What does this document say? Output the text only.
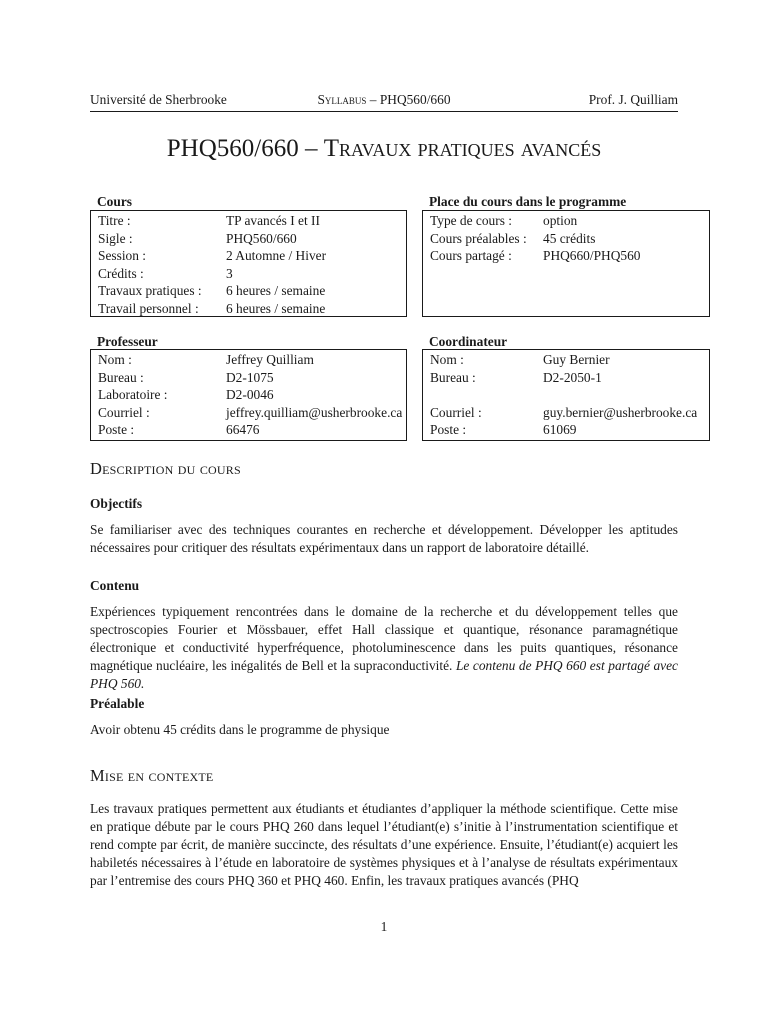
Université de Sherbrooke	Syllabus – PHQ560/660	Prof. J. Quilliam
PHQ560/660 – Travaux pratiques avancés
Cours
Titre :	TP avancés I et II
Sigle :	PHQ560/660
Session :	2 Automne / Hiver
Crédits :	3
Travaux pratiques : 6 heures / semaine
Travail personnel : 6 heures / semaine
Place du cours dans le programme
Type de cours : option
Cours préalables : 45 crédits
Cours partagé : PHQ660/PHQ560
Professeur
Nom :	Jeffrey Quilliam
Bureau :	D2-1075
Laboratoire :	D2-0046
Courriel :	jeffrey.quilliam@usherbrooke.ca
Poste :	66476
Coordinateur
Nom :	Guy Bernier
Bureau :	D2-2050-1
Courriel :	guy.bernier@usherbrooke.ca
Poste :	61069
Description du cours
Objectifs

Se familiariser avec des techniques courantes en recherche et développement. Développer les aptitudes nécessaires pour critiquer des résultats expérimentaux dans un rapport de laboratoire détaillé.

Contenu

Expériences typiquement rencontrées dans le domaine de la recherche et du développement telles que spectroscopies Fourier et Mössbauer, effet Hall classique et quantique, résonance paramagnétique électronique et conductivité hyperfréquence, photoluminescence dans les puits quantiques, résonance magnétique nucléaire, les inégalités de Bell et la supraconductivité. Le contenu de PHQ 660 est partagé avec PHQ 560.

Préalable

Avoir obtenu 45 crédits dans le programme de physique

Mise en contexte

Les travaux pratiques permettent aux étudiants et étudiantes d’appliquer la méthode scientifique. Cette mise en pratique débute par le cours PHQ 260 dans lequel l’étudiant(e) s’initie à l’instrumentation scientifique et rend compte par écrit, de manière succincte, des résultats d’une expérience. Ensuite, l’étudiant(e) acquiert les habiletés nécessaires à l’étude en laboratoire de systèmes physiques et à l’analyse de résultats expérimentaux par l’entremise des cours PHQ 360 et PHQ 460. Enfin, les travaux pratiques avancés (PHQ

1
